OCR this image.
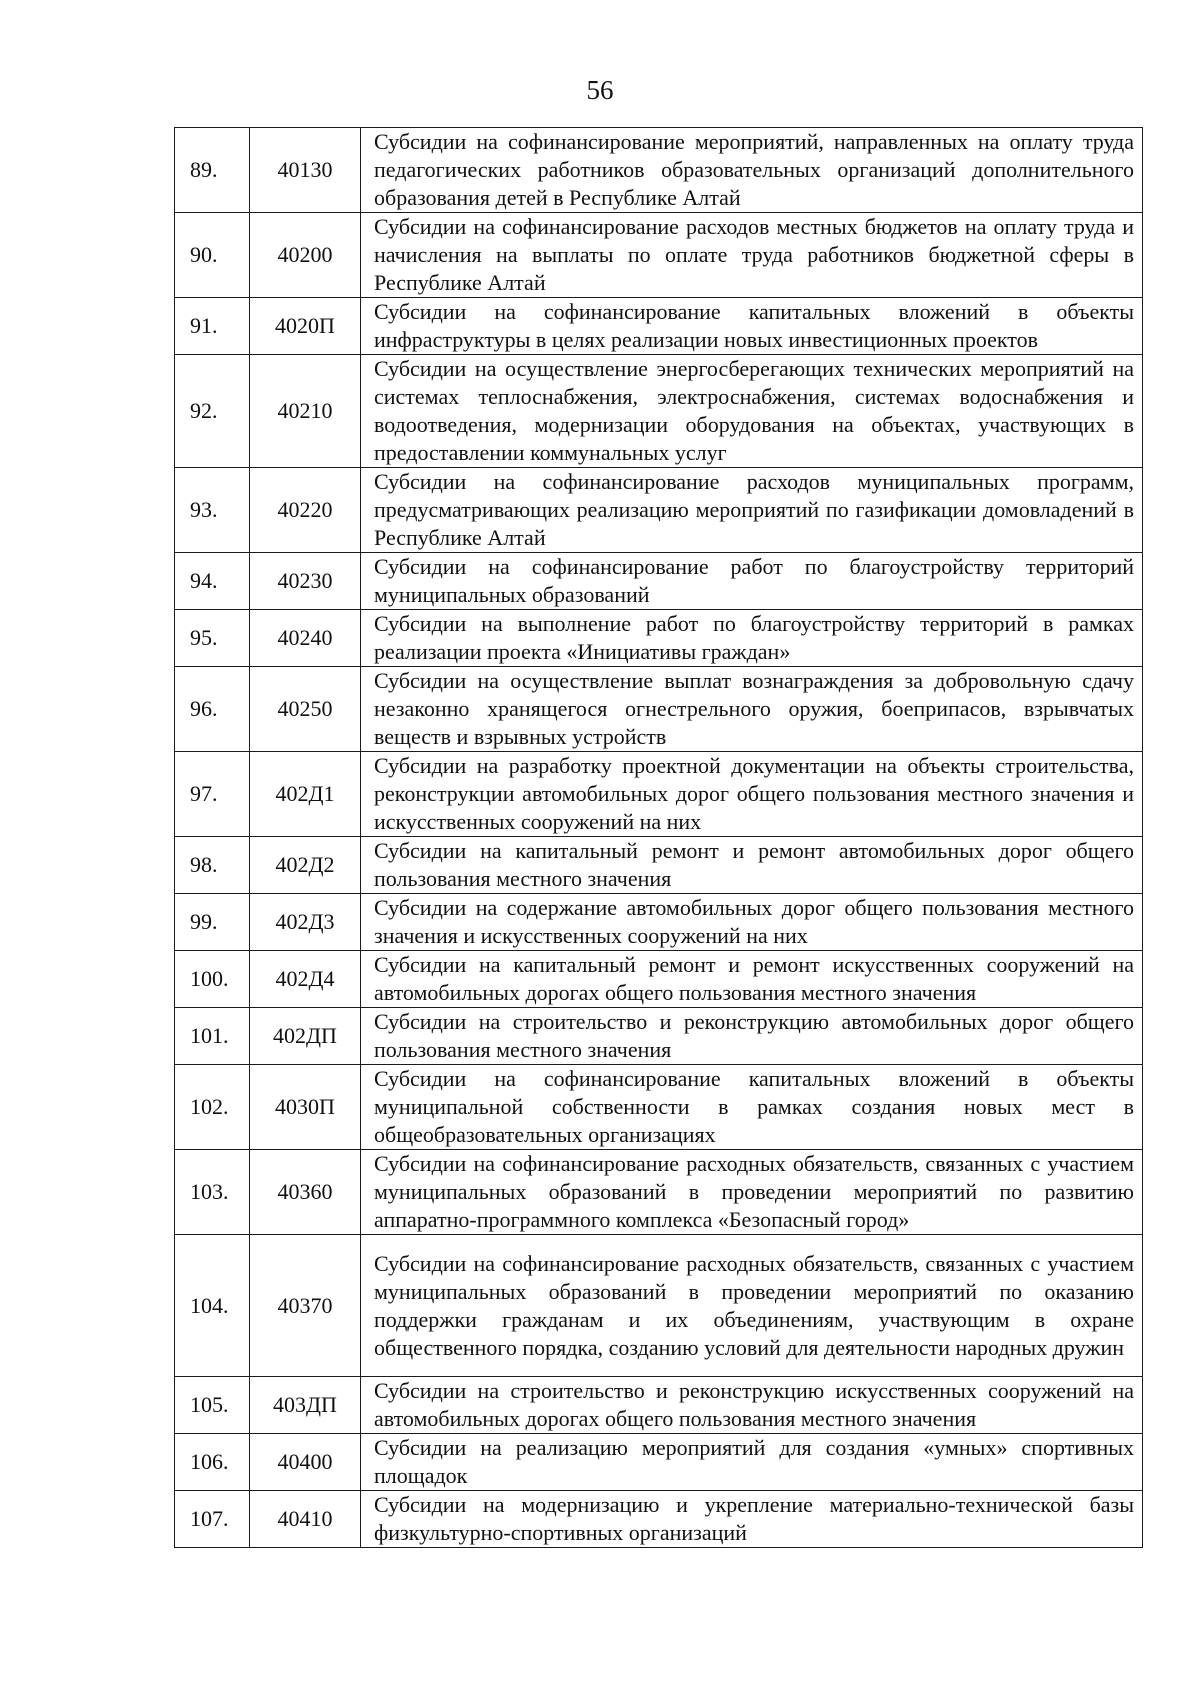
56
89.	40130	Субсидии на софинансирование мероприятий, направленных на оплату труда педагогических работников образовательных организаций дополнительного образования детей в Республике Алтай
90.	40200	Субсидии на софинансирование расходов местных бюджетов на оплату труда и начисления на выплаты по оплате труда работников бюджетной сферы в Республике Алтай
91.	4020П	Субсидии на софинансирование капитальных вложений в объекты инфраструктуры в целях реализации новых инвестиционных проектов
92.	40210	Субсидии на осуществление энергосберегающих технических мероприятий на системах теплоснабжения, электроснабжения, системах водоснабжения и водоотведения, модернизации оборудования на объектах, участвующих в предоставлении коммунальных услуг
93.	40220	Субсидии на софинансирование расходов муниципальных программ, предусматривающих реализацию мероприятий по газификации домовладений в Республике Алтай
94.	40230	Субсидии на софинансирование работ по благоустройству территорий муниципальных образований
95.	40240	Субсидии на выполнение работ по благоустройству территорий в рамках реализации проекта «Инициативы граждан»
96.	40250	Субсидии на осуществление выплат вознаграждения за добровольную сдачу незаконно хранящегося огнестрельного оружия, боеприпасов, взрывчатых веществ и взрывных устройств
97.	402Д1	Субсидии на разработку проектной документации на объекты строительства, реконструкции автомобильных дорог общего пользования местного значения и искусственных сооружений на них
98.	402Д2	Субсидии на капитальный ремонт и ремонт автомобильных дорог общего пользования местного значения
99.	402Д3	Субсидии на содержание автомобильных дорог общего пользования местного значения и искусственных сооружений на них
100.	402Д4	Субсидии на капитальный ремонт и ремонт искусственных сооружений на автомобильных дорогах общего пользования местного значения
101.	402ДП	Субсидии на строительство и реконструкцию автомобильных дорог общего пользования местного значения
102.	4030П	Субсидии на софинансирование капитальных вложений в объекты муниципальной собственности в рамках создания новых мест в общеобразовательных организациях
103.	40360	Субсидии на софинансирование расходных обязательств, связанных с участием муниципальных образований в проведении мероприятий по развитию аппаратно-программного комплекса «Безопасный город»
104.	40370	Субсидии на софинансирование расходных обязательств, связанных с участием муниципальных образований в проведении мероприятий по оказанию поддержки гражданам и их объединениям, участвующим в охране общественного порядка, созданию условий для деятельности народных дружин
105.	403ДП	Субсидии на строительство и реконструкцию искусственных сооружений на автомобильных дорогах общего пользования местного значения
106.	40400	Субсидии на реализацию мероприятий для создания «умных» спортивных площадок
107.	40410	Субсидии на модернизацию и укрепление материально-технической базы физкультурно-спортивных организаций
